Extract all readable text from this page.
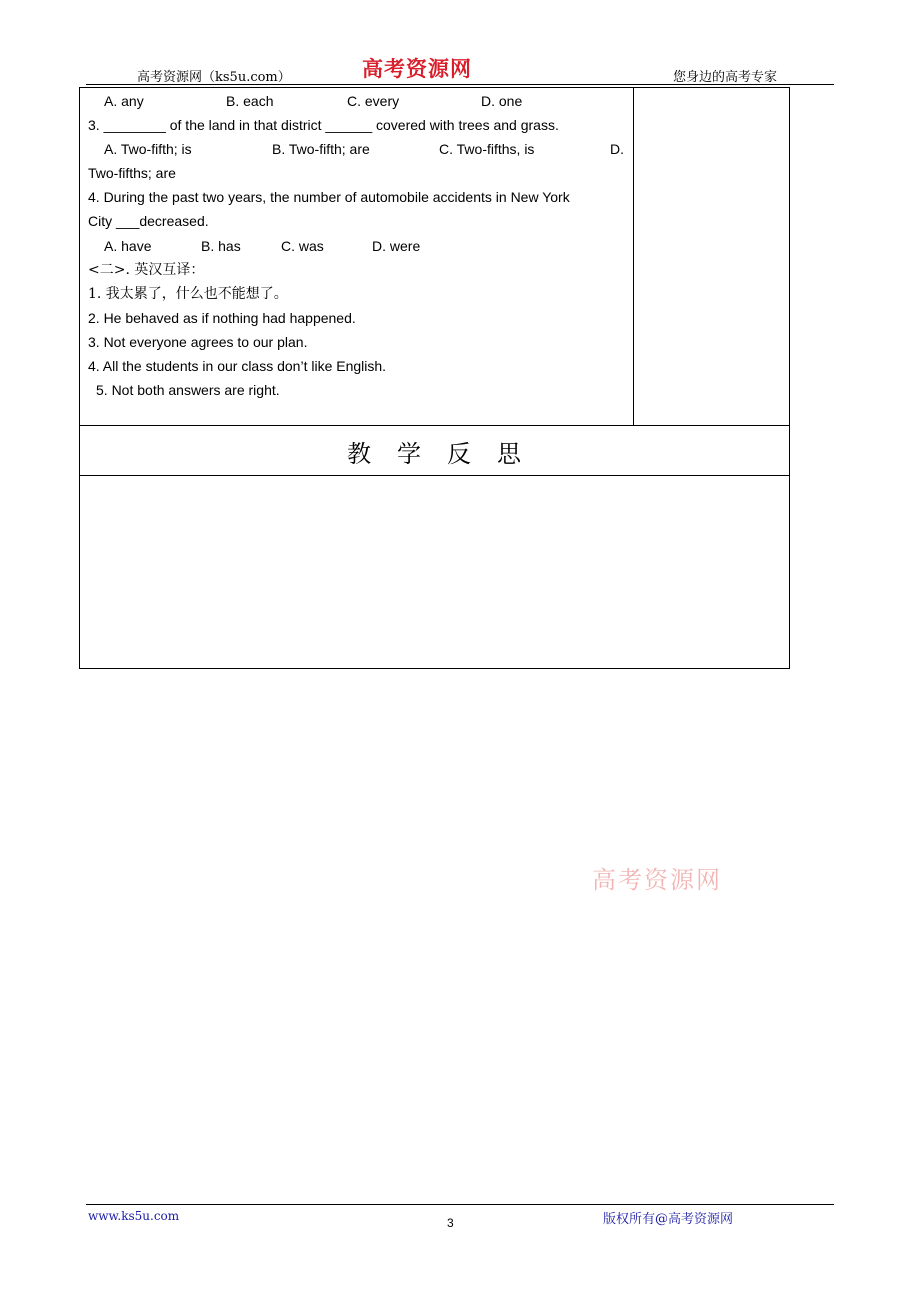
高考资源网（ks5u.com）	高考资源网	您身边的高考专家
A. any	B. each	C. every	D. one
3. ________ of the land in that district ______ covered with trees and grass.
A. Two-fifth; is	B. Two-fifth; are	C. Two-fifths, is	D.
Two-fifths; are
4. During the past two years, the number of automobile accidents in New York
City ___decreased.
A. have	B. has	C. was	D. were
<二>. 英汉互译：
1. 我太累了，什么也不能想了。
2. He behaved as if nothing had happened.
3. Not everyone agrees to our plan.
4. All the students in our class don’t like English.
5. Not both answers are right.
教学反思
高考资源网
www.ks5u.com	3	版权所有@高考资源网
